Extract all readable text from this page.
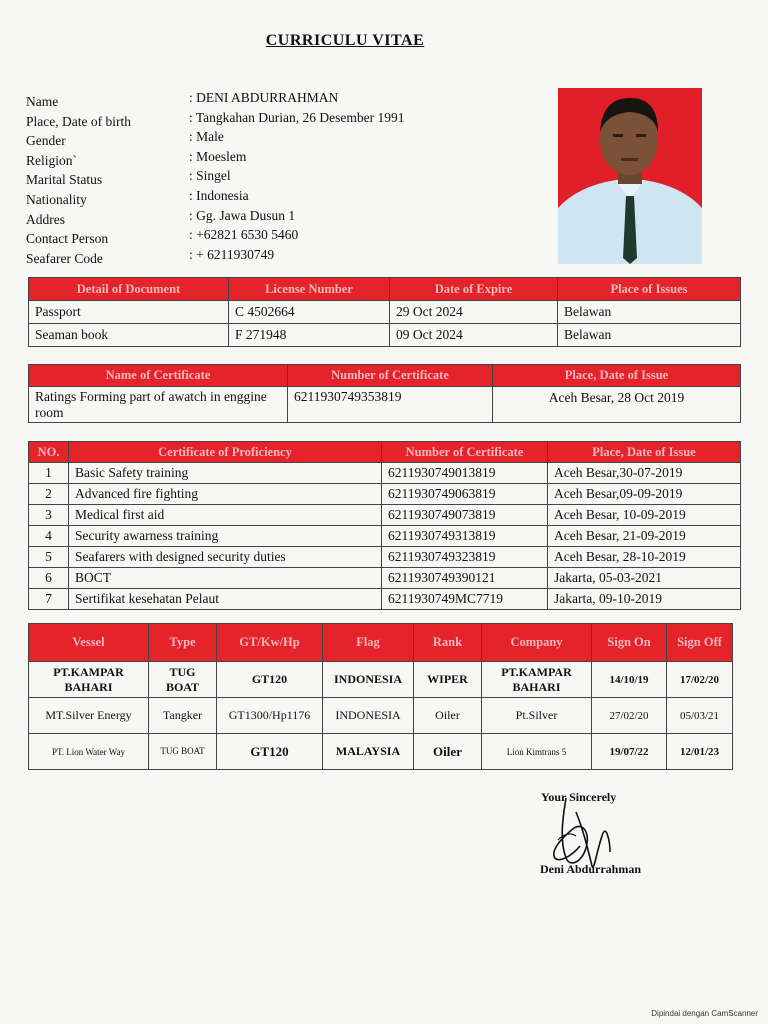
CURRICULU VITAE
Name	: DENI ABDURRAHMAN
Place, Date of birth	: Tangkahan Durian, 26 Desember 1991
Gender	: Male
Religion`	: Moeslem
Marital Status	: Singel
Nationality	: Indonesia
Addres	: Gg. Jawa Dusun 1
Contact Person	: +62821 6530 5460
Seafarer Code	: + 6211930749
Detail of Document	License Number	Date of Expire	Place of Issues
Passport	C 4502664	29 Oct 2024	Belawan
Seaman book	F 271948	09 Oct 2024	Belawan
Name of Certificate	Number of Certificate	Place, Date of Issue
Ratings Forming part of awatch in enggine room	6211930749353819	Aceh Besar, 28 Oct 2019
NO.	Certificate of Proficiency	Number of Certificate	Place, Date of Issue
1	Basic Safety training	6211930749013819	Aceh Besar,30-07-2019
2	Advanced fire fighting	6211930749063819	Aceh Besar,09-09-2019
3	Medical first aid	6211930749073819	Aceh Besar, 10-09-2019
4	Security awarness training	6211930749313819	Aceh Besar, 21-09-2019
5	Seafarers with designed security duties	6211930749323819	Aceh Besar, 28-10-2019
6	BOCT	6211930749390121	Jakarta, 05-03-2021
7	Sertifikat kesehatan Pelaut	6211930749MC7719	Jakarta, 09-10-2019
Vessel	Type	GT/Kw/Hp	Flag	Rank	Company	Sign On	Sign Off
PT.KAMPAR BAHARI	TUG BOAT	GT120	INDONESIA	WIPER	PT.KAMPAR BAHARI	14/10/19	17/02/20
MT.Silver Energy	Tangker	GT1300/Hp1176	INDONESIA	Oiler	Pt.Silver	27/02/20	05/03/21
PT. Lion Water Way	TUG BOAT	GT120	MALAYSIA	Oiler	Lion Kimtrans 5	19/07/22	12/01/23
Your Sincerely
Deni Abdurrahman
Dipindai dengan CamScanner
